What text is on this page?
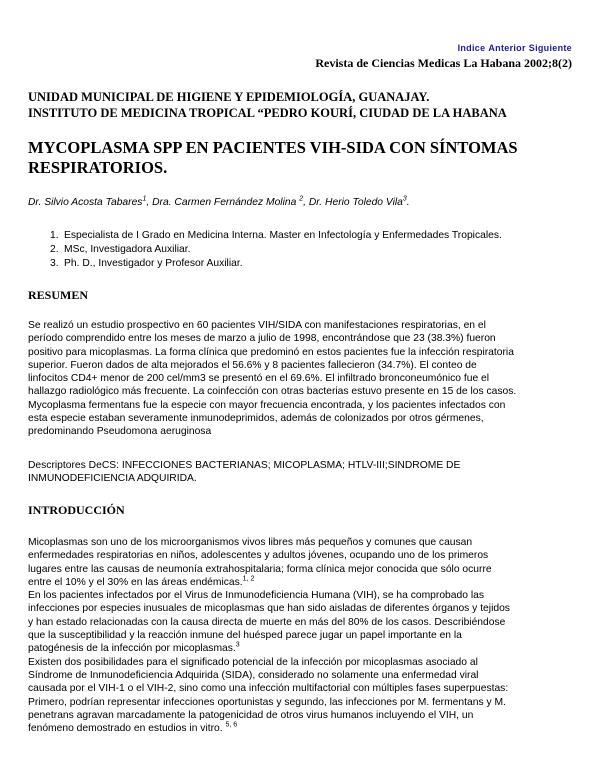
Indice Anterior Siguiente
Revista de Ciencias Medicas La Habana 2002;8(2)
UNIDAD MUNICIPAL DE HIGIENE Y EPIDEMIOLOGÍA, GUANAJAY.
INSTITUTO DE MEDICINA TROPICAL “PEDRO KOURÍ, CIUDAD DE LA HABANA
MYCOPLASMA SPP EN PACIENTES VIH-SIDA CON SÍNTOMAS
RESPIRATORIOS.
Dr. Silvio Acosta Tabares$^1$, Dra. Carmen Fernández Molina $^2$, Dr. Herio Toledo Vila$^3$.
1. Especialista de I Grado en Medicina Interna. Master en Infectología y Enfermedades Tropicales.
2. MSc, Investigadora Auxiliar.
3. Ph. D., Investigador y Profesor Auxiliar.
RESUMEN
Se realizó un estudio prospectivo en 60 pacientes VIH/SIDA con manifestaciones respiratorias, en el
período comprendido entre los meses de marzo a julio de 1998, encontrándose que 23 (38.3%) fueron
positivo para micoplasmas. La forma clínica que predominó en estos pacientes fue la infección respiratoria
superior. Fueron dados de alta mejorados el 56.6% y 8 pacientes fallecieron (34.7%). El conteo de
linfocitos CD4+ menor de 200 cel/mm3 se presentó en el 69.6%. El infiltrado bronconeumónico fue el
hallazgo radiológico más frecuente. La coinfección con otras bacterias estuvo presente en 15 de los casos.
Mycoplasma fermentans fue la especie con mayor frecuencia encontrada, y los pacientes infectados con
esta especie estaban severamente inmunodeprimidos, además de colonizados por otros gérmenes,
predominando Pseudomona aeruginosa
Descriptores DeCS: INFECCIONES BACTERIANAS; MICOPLASMA; HTLV-III;SINDROME DE
INMUNODEFICIENCIA ADQUIRIDA.
INTRODUCCIÓN
Micoplasmas son uno de los microorganismos vivos libres más pequeños y comunes que causan
enfermedades respiratorias en niños, adolescentes y adultos jóvenes, ocupando uno de los primeros
lugares entre las causas de neumonía extrahospitalaria; forma clínica mejor conocida que sólo ocurre
entre el 10% y el 30% en las áreas endémicas.$^{1, 2}$
En los pacientes infectados por el Virus de Inmunodeficiencia Humana (VIH), se ha comprobado las
infecciones por especies inusuales de micoplasmas que han sido aisladas de diferentes órganos y tejidos
y han estado relacionadas con la causa directa de muerte en más del 80% de los casos. Describiéndose
que la susceptibilidad y la reacción inmune del huésped parece jugar un papel importante en la
patogénesis de la infección por micoplasmas.$^3$
Existen dos posibilidades para el significado potencial de la infección por micoplasmas asociado al
Síndrome de Inmunodeficiencia Adquirida (SIDA), considerado no solamente una enfermedad viral
causada por el VIH-1 o el VIH-2, sino como una infección multifactorial con múltiples fases superpuestas:
Primero, podrían representar infecciones oportunistas y segundo, las infecciones por M. fermentans y M.
penetrans agravan marcadamente la patogenicidad de otros virus humanos incluyendo el VIH, un
fenómeno demostrado en estudios in vitro. $^{5, 6}$
